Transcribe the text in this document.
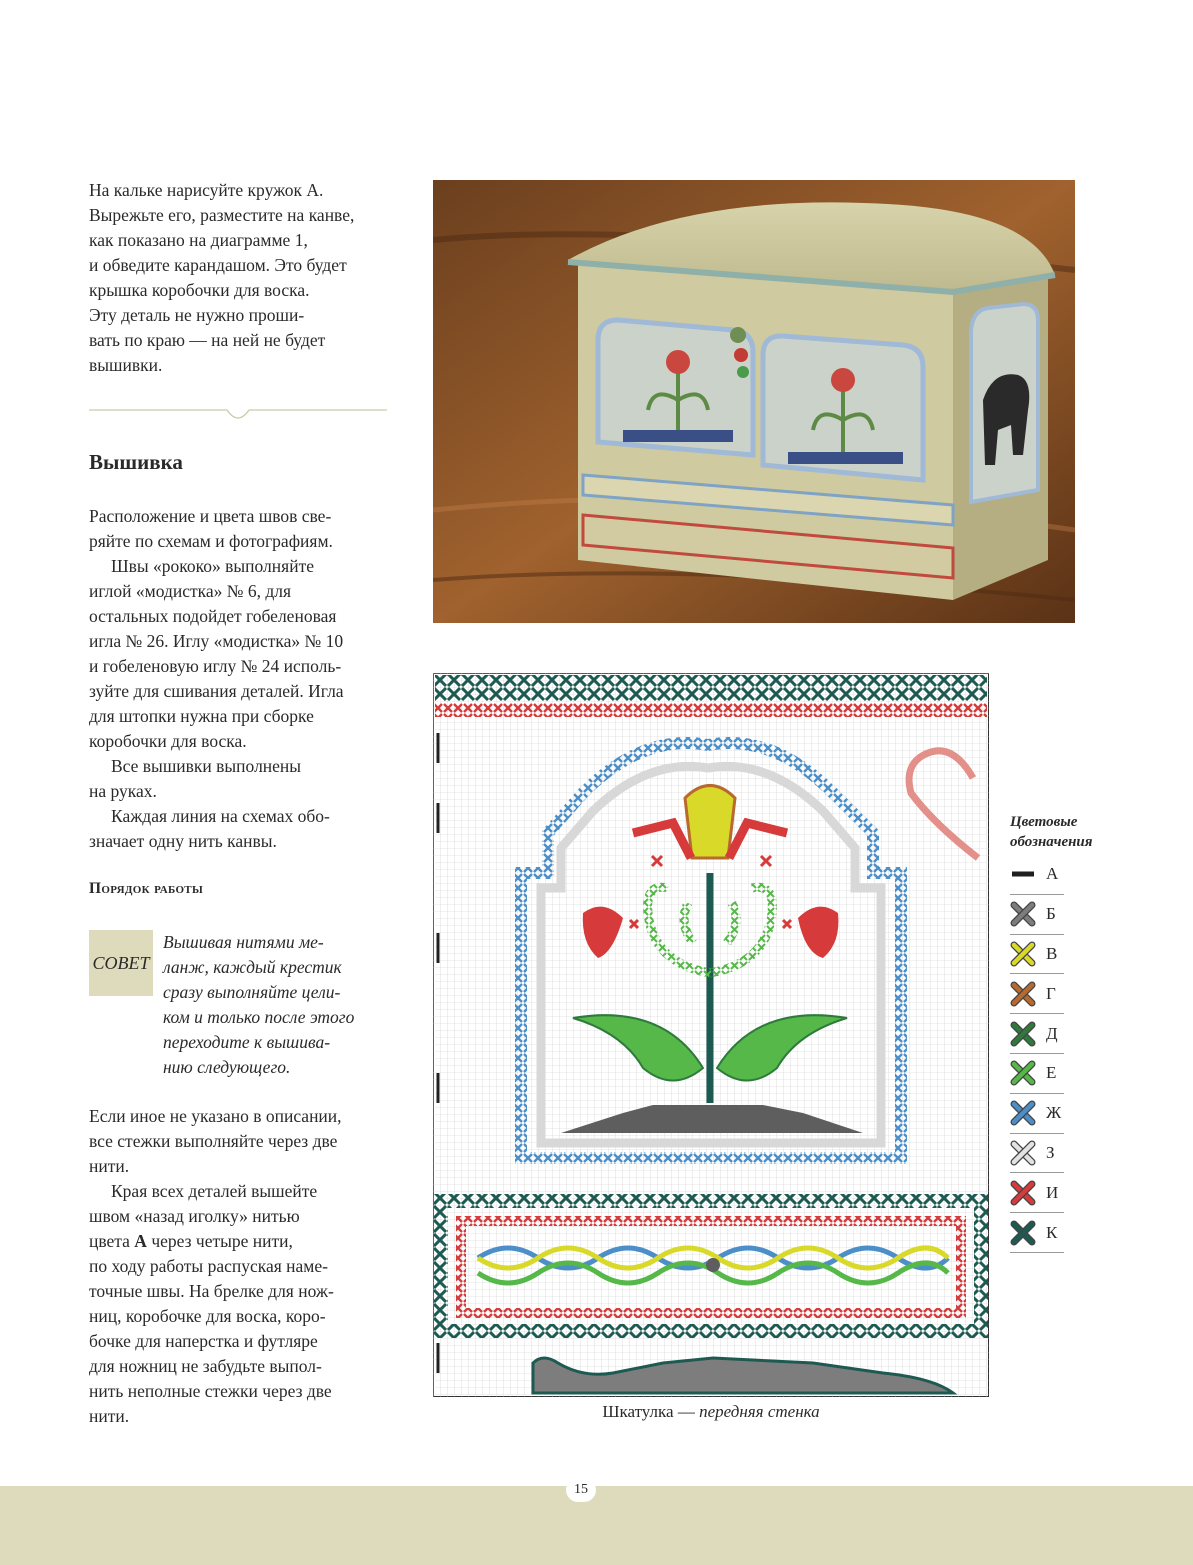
На кальке нарисуйте кружок А.

Вырежьте его, разместите на канве,

как показано на диаграмме 1,

и обведите карандашом. Это будет

крышка коробочки для воска.

Эту деталь не нужно проши-

вать по краю — на ней не будет

вышивки.

Вышивка

Расположение и цвета швов све-

ряйте по схемам и фотографиям.

Швы «рококо» выполняйте

иглой «модистка» № 6, для

остальных подойдет гобеленовая

игла № 26. Иглу «модистка» № 10

и гобеленовую иглу № 24 исполь-

зуйте для сшивания деталей. Игла

для штопки нужна при сборке

коробочки для воска.

Все вышивки выполнены

на руках.

Каждая линия на схемах обо-

значает одну нить канвы.

Порядок работы
СОВЕТ
Вышивая нитями ме-
ланж, каждый крестик
сразу выполняйте цели-
ком и только после этого
переходите к вышива-
нию следующего.

Если иное не указано в описании,

все стежки выполняйте через две

нити.

Края всех деталей вышейте

швом «назад иголку» нитью

цвета А через четыре нити,

по ходу работы распуская наме-

точные швы. На брелке для нож-

ниц, коробочке для воска, коро-

бочке для наперстка и футляре

для ножниц не забудьте выпол-

нить неполные стежки через две

нити.	Шкатулка — передняя стенка
Цветовые
обозначения
А
Б
В
Г
Д
Е
Ж
З
И
К
15
